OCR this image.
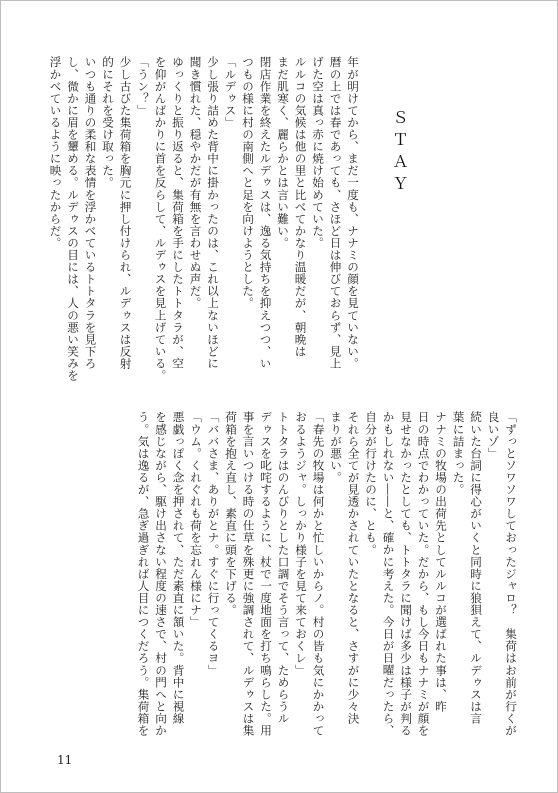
ＳＴＡＹ
年が明けてから、まだ一度も、ナナミの顔を見ていない。
暦の上では春であっても、さほど日は伸びておらず、見上
げた空は真っ赤に焼け始めていた。
ルルコの気候は他の里と比べてかなり温暖だが、朝晩は
まだ肌寒く、麗らかとは言い難い。
閉店作業を終えたルデゥスは、逸る気持ちを抑えつつ、い
つもの様に村の南側へと足を向けようとした。
「ルデゥス」
少し張り詰めた背中に掛かったのは、これ以上ないほどに
聞き慣れた、穏やかだが有無を言わせぬ声だ。
ゆっくりと振り返ると、集荷箱を手にしたトトタラが、空
を仰がんばかりに首を反らして、ルデゥスを見上げている。
「うン？」
少し古びた集荷箱を胸元に押し付けられ、ルデゥスは反射
的にそれを受け取った。
いつも通りの柔和な表情を浮かべているトトタラを見下ろ
し、微かに眉を顰める。ルデゥスの目には、人の悪い笑みを
浮かべているように映ったからだ。
「ずっとソワソワしておったジャロ？　集荷はお前が行くが
良いゾ」
続いた台詞に得心がいくと同時に狼狽えて、ルデゥスは言
葉に詰まった。
ナナミの牧場の出荷先としてルルコが選ばれた事は、昨
日の時点でわかっていた。だから、もし今日もナナミが顔を
見せなかったとしても、トトタラに聞けば多少は様子が判る
かもしれない――と、確かに考えた。今日が日曜だったら、
自分が行けたのに、とも。
それら全てが見透かされていたとなると、さすがに少々決
まりが悪い。
「春先の牧場は何かと忙しいからノ。村の皆も気にかかって
おるようジャ。しっかり様子を見て来ておくレ」
トトタラはのんびりとした口調でそう言って、ためらうル
デゥスを叱咤するように、杖で一度地面を打ち鳴らした。用
事を言いつける時の仕草を殊更に強調されて、ルデゥスは集
荷箱を抱え直し、素直に頭を下げる。
「ババさま、ありがとナ。すぐに行ってくるヨ」
「ウム。くれぐれも荷を忘れん様にナ」
悪戯っぽく念を押されて、ただ素直に頷いた。背中に視線
を感じながら、駆け出さない程度の速さで、村の門へと向か
う。気は逸るが、急ぎ過ぎれば人目につくだろう。集荷箱を
11
